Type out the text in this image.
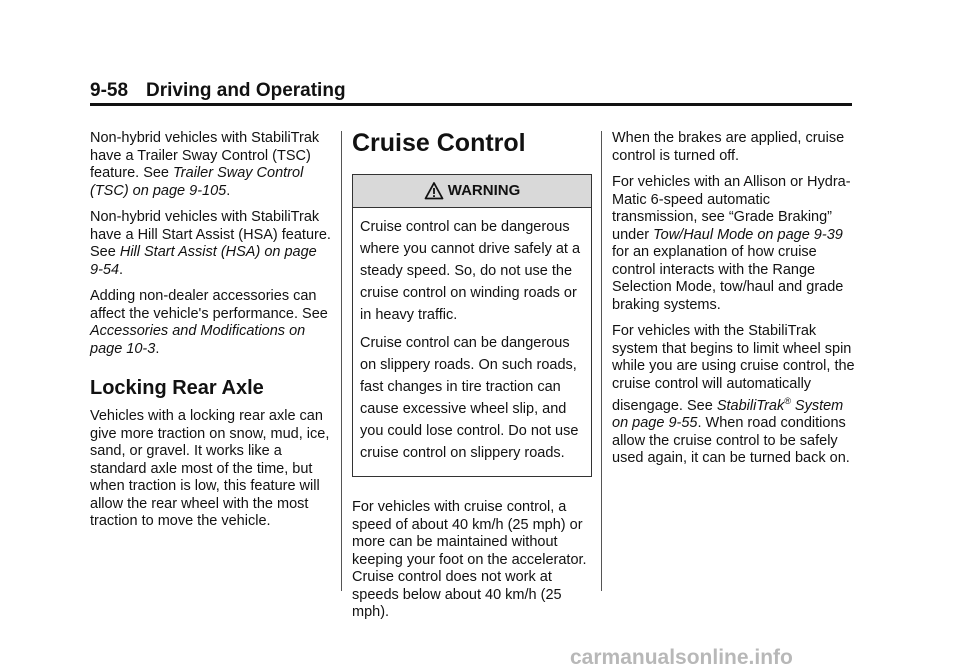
9-58 Driving and Operating

Non-hybrid vehicles with StabiliTrak have a Trailer Sway Control (TSC) feature. See Trailer Sway Control (TSC) on page 9-105.

Non-hybrid vehicles with StabiliTrak have a Hill Start Assist (HSA) feature. See Hill Start Assist (HSA) on page 9-54.

Adding non-dealer accessories can affect the vehicle's performance. See Accessories and Modifications on page 10-3.

Locking Rear Axle

Vehicles with a locking rear axle can give more traction on snow, mud, ice, sand, or gravel. It works like a standard axle most of the time, but when traction is low, this feature will allow the rear wheel with the most traction to move the vehicle.

Cruise Control
WARNING

Cruise control can be dangerous where you cannot drive safely at a steady speed. So, do not use the cruise control on winding roads or in heavy traffic.

Cruise control can be dangerous on slippery roads. On such roads, fast changes in tire traction can cause excessive wheel slip, and you could lose control. Do not use cruise control on slippery roads.

For vehicles with cruise control, a speed of about 40 km/h (25 mph) or more can be maintained without keeping your foot on the accelerator. Cruise control does not work at speeds below about 40 km/h (25 mph).

When the brakes are applied, cruise control is turned off.

For vehicles with an Allison or Hydra-Matic 6-speed automatic transmission, see “Grade Braking” under Tow/Haul Mode on page 9-39 for an explanation of how cruise control interacts with the Range Selection Mode, tow/haul and grade braking systems.

For vehicles with the StabiliTrak system that begins to limit wheel spin while you are using cruise control, the cruise control will automatically disengage. See StabiliTrak® System on page 9-55. When road conditions allow the cruise control to be safely used again, it can be turned back on.

carmanualsonline.info
